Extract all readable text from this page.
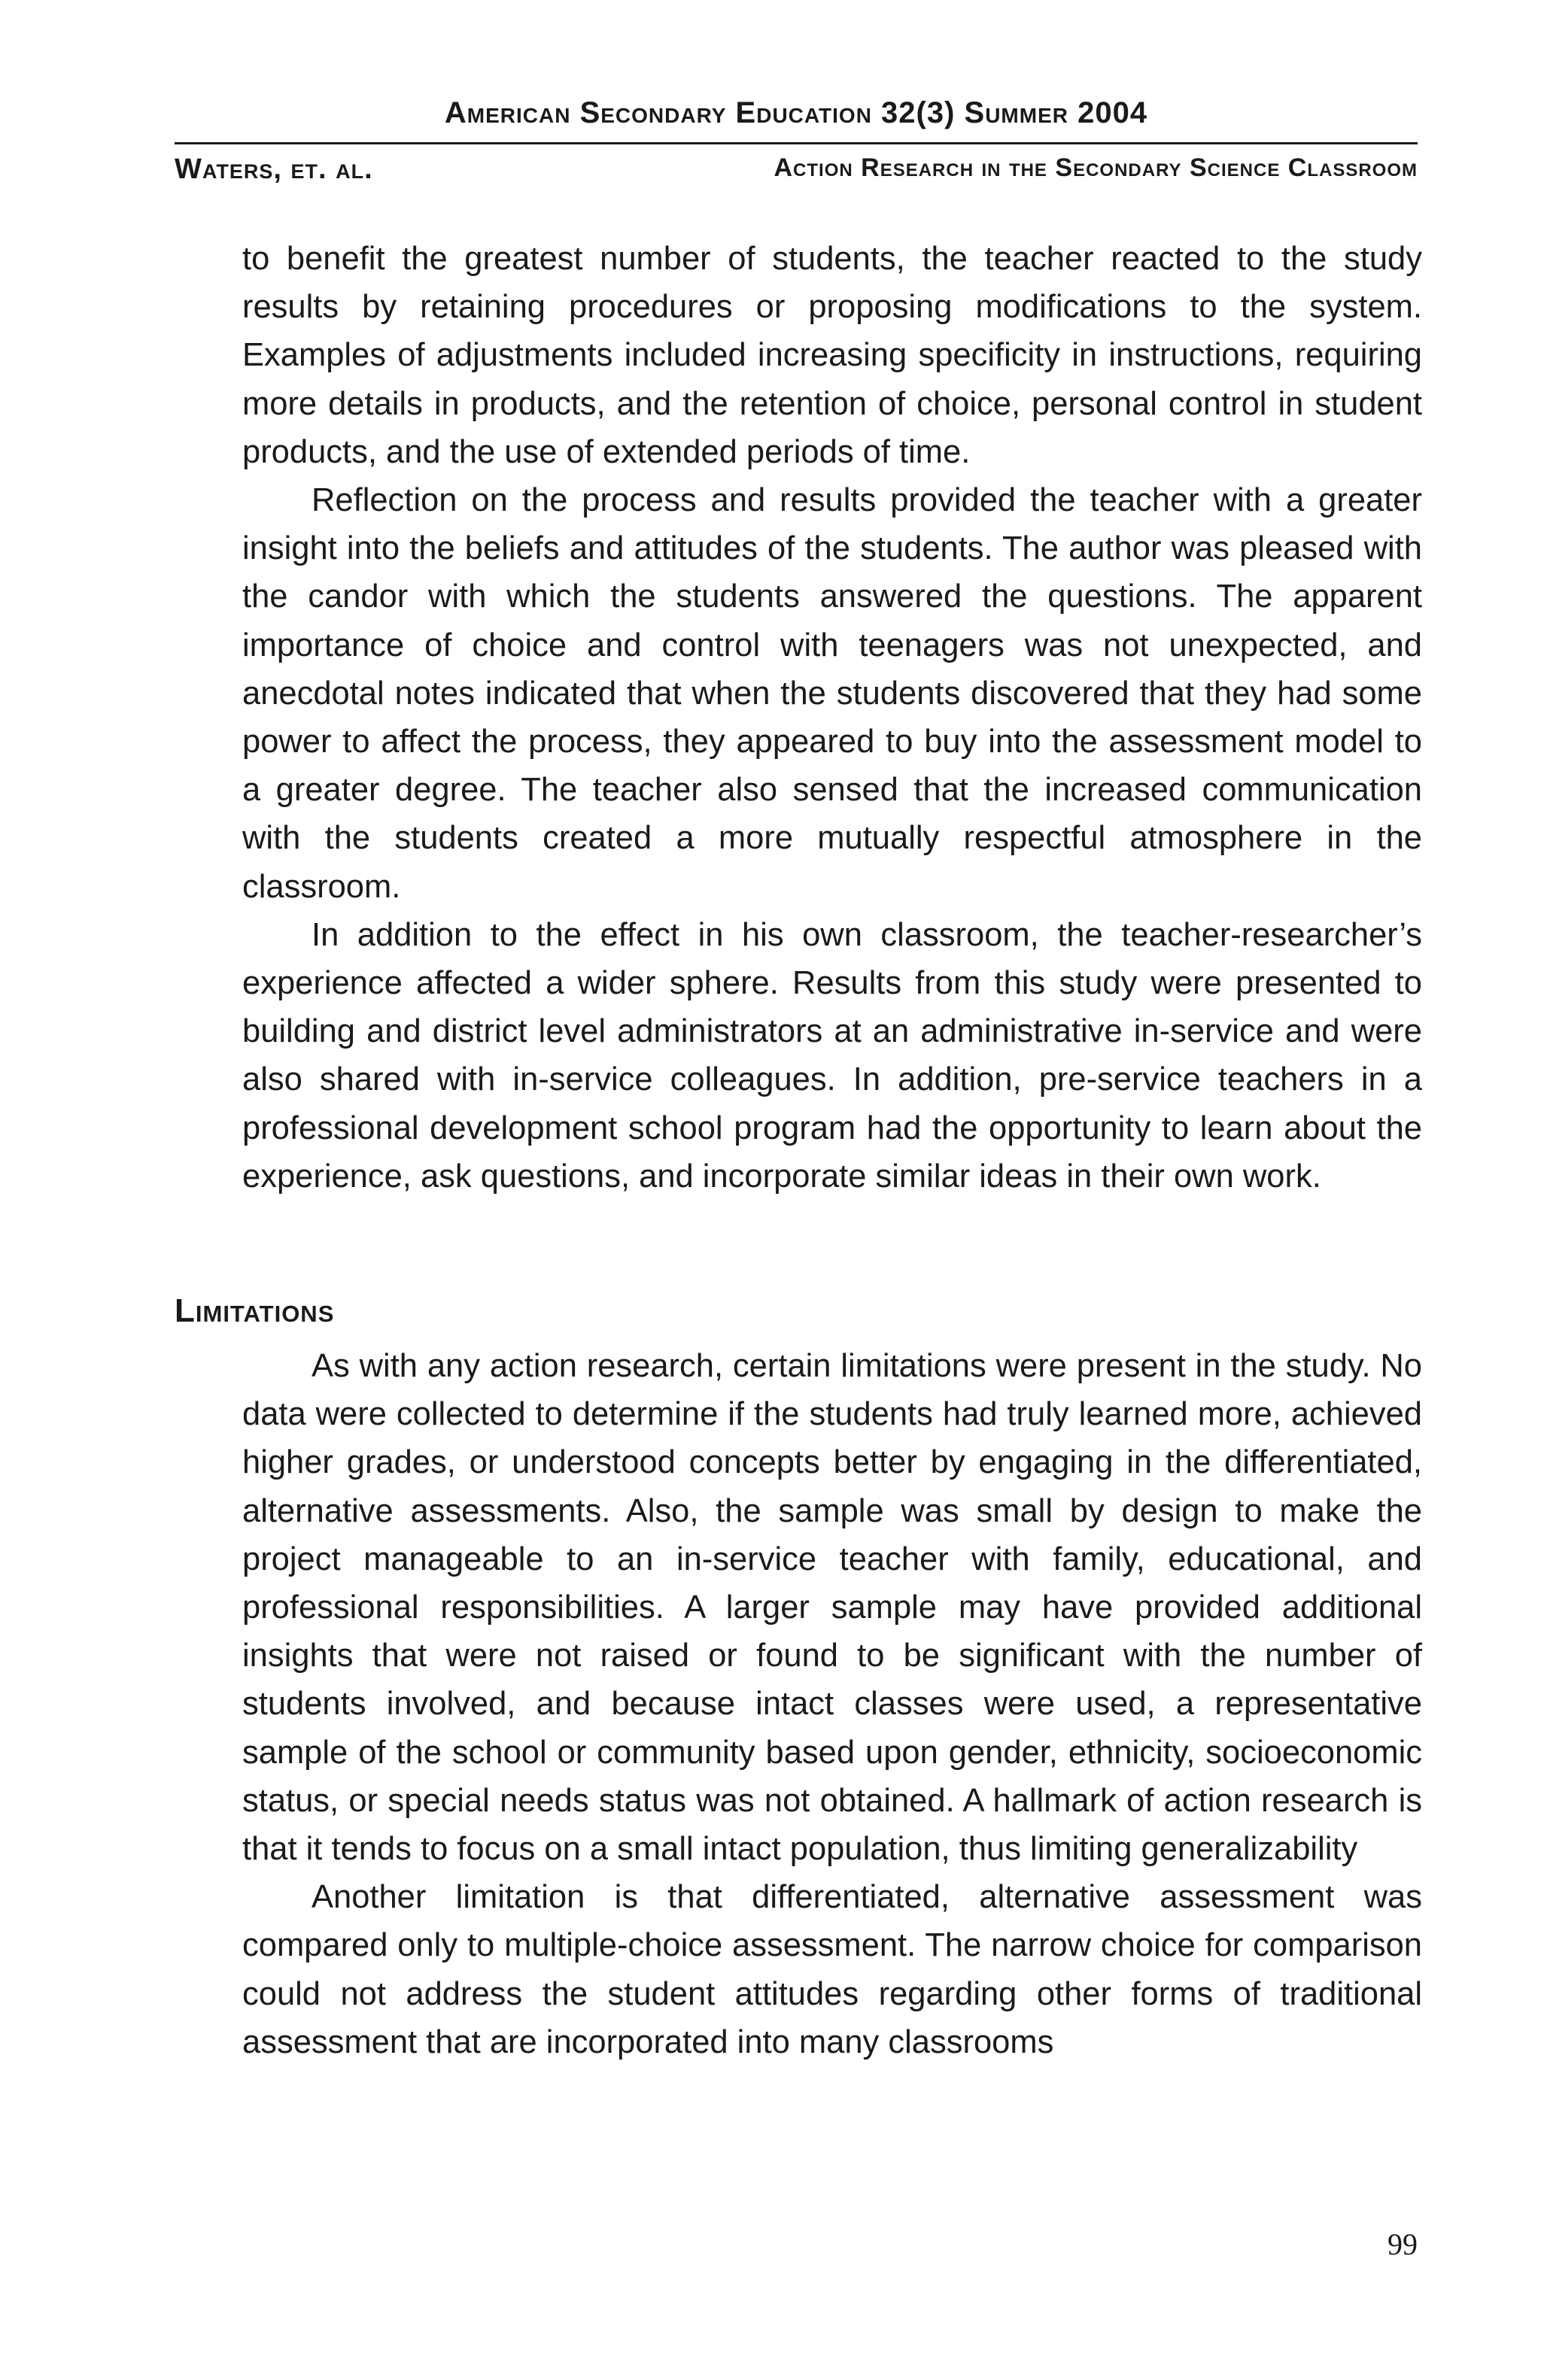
American Secondary Education 32(3) Summer 2004
Waters, et. al.	Action Research in the Secondary Science Classroom

to benefit the greatest number of students, the teacher reacted to the study results by retaining procedures or proposing modifications to the system. Examples of adjustments included increasing specificity in instructions, requiring more details in products, and the retention of choice, personal control in student products, and the use of extended periods of time.

Reflection on the process and results provided the teacher with a greater insight into the beliefs and attitudes of the students. The author was pleased with the candor with which the students answered the questions. The apparent importance of choice and control with teenagers was not unexpected, and anecdotal notes indicated that when the students discovered that they had some power to affect the process, they appeared to buy into the assessment model to a greater degree. The teacher also sensed that the increased communication with the students created a more mutually respectful atmosphere in the classroom.

In addition to the effect in his own classroom, the teacher-researcher’s experience affected a wider sphere. Results from this study were presented to building and district level administrators at an administrative in-service and were also shared with in-service colleagues. In addition, pre-service teachers in a professional development school program had the opportunity to learn about the experience, ask questions, and incorporate similar ideas in their own work.

Limitations

As with any action research, certain limitations were present in the study. No data were collected to determine if the students had truly learned more, achieved higher grades, or understood concepts better by engaging in the differentiated, alternative assessments. Also, the sample was small by design to make the project manageable to an in-service teacher with family, educational, and professional responsibilities. A larger sample may have provided additional insights that were not raised or found to be significant with the number of students involved, and because intact classes were used, a representative sample of the school or community based upon gender, ethnicity, socioeconomic status, or special needs status was not obtained. A hallmark of action research is that it tends to focus on a small intact population, thus limiting generalizability

Another limitation is that differentiated, alternative assessment was compared only to multiple-choice assessment. The narrow choice for comparison could not address the student attitudes regarding other forms of traditional assessment that are incorporated into many classrooms

99
